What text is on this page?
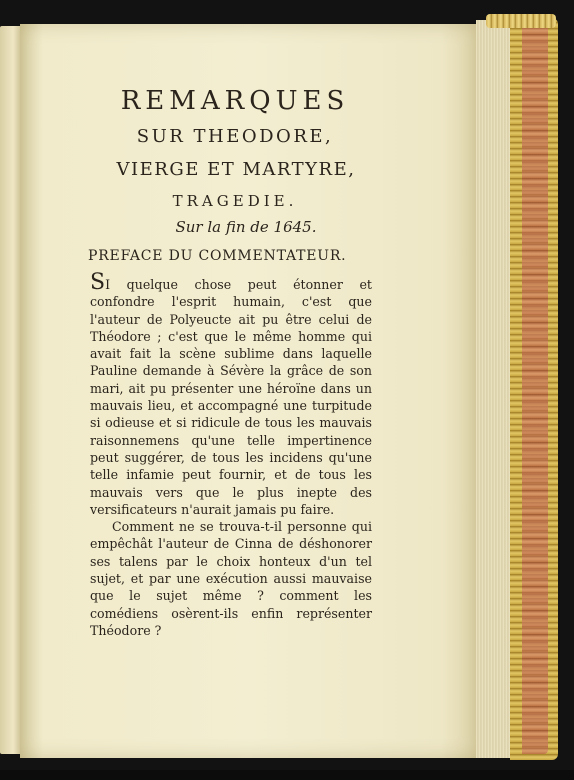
REMARQUES
SUR THEODORE,
VIERGE ET MARTYRE,
TRAGEDIE.
Sur la fin de 1645.
PREFACE DU COMMENTATEUR.

SI quelque chose peut étonner et confondre l'esprit humain, c'est que l'auteur de Polyeucte ait pu être celui de Théodore ; c'est que le même homme qui avait fait la scène sublime dans laquelle Pauline demande à Sévère la grâce de son mari, ait pu présenter une héroïne dans un mauvais lieu, et accompagné une turpitude si odieuse et si ridicule de tous les mauvais raisonnemens qu'une telle impertinence peut suggérer, de tous les incidens qu'une telle infamie peut fournir, et de tous les mauvais vers que le plus inepte des versificateurs n'aurait jamais pu faire.

Comment ne se trouva-t-il personne qui empêchât l'auteur de Cinna de déshonorer ses talens par le choix honteux d'un tel sujet, et par une exécution aussi mauvaise que le sujet même ? comment les comédiens osèrent-ils enfin représenter Théodore ?
